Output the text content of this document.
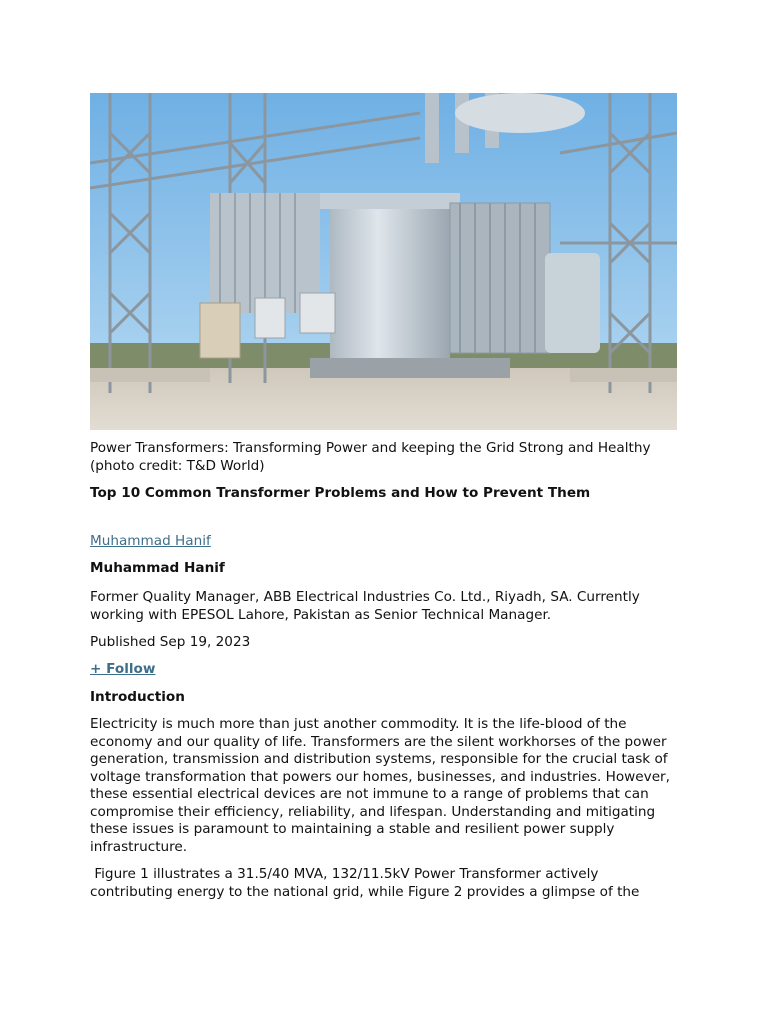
Power Transformers: Transforming Power and keeping the Grid Strong and Healthy (photo credit: T&D World)

Top 10 Common Transformer Problems and How to Prevent Them

Muhammad Hanif

Muhammad Hanif

Former Quality Manager, ABB Electrical Industries Co. Ltd., Riyadh, SA. Currently working with EPESOL Lahore, Pakistan as Senior Technical Manager.

Published Sep 19, 2023

+ Follow

Introduction

Electricity is much more than just another commodity. It is the life-blood of the economy and our quality of life. Transformers are the silent workhorses of the power generation, transmission and distribution systems, responsible for the crucial task of voltage transformation that powers our homes, businesses, and industries. However, these essential electrical devices are not immune to a range of problems that can compromise their efficiency, reliability, and lifespan. Understanding and mitigating these issues is paramount to maintaining a stable and resilient power supply infrastructure.

Figure 1 illustrates a 31.5/40 MVA, 132/11.5kV Power Transformer actively contributing energy to the national grid, while Figure 2 provides a glimpse of the
